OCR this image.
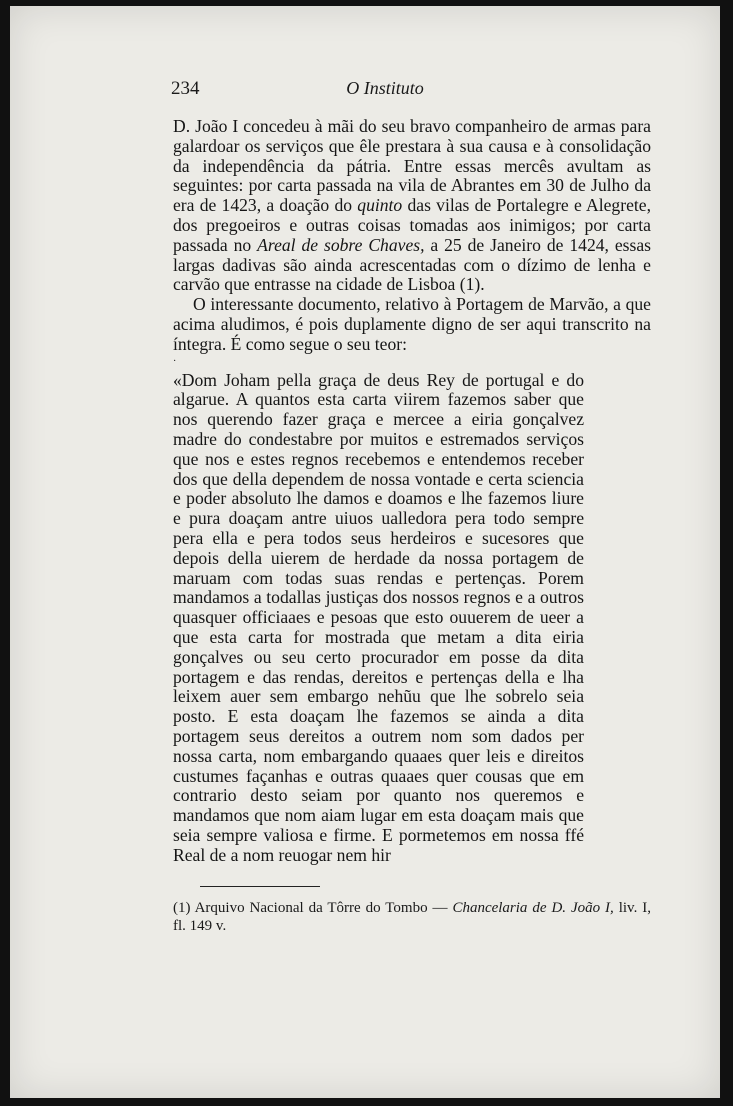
234	O Instituto

D. João I concedeu à mãi do seu bravo companheiro de armas para galardoar os serviços que êle prestara à sua causa e à consolidação da independência da pátria. Entre essas mercês avultam as seguintes: por carta passada na vila de Abrantes em 30 de Julho da era de 1423, a doação do quinto das vilas de Portalegre e Alegrete, dos pregoeiros e outras coisas tomadas aos inimigos; por carta passada no Areal de sobre Chaves, a 25 de Janeiro de 1424, essas largas dadivas são ainda acrescentadas com o dízimo de lenha e carvão que entrasse na cidade de Lisboa (1).

O interessante documento, relativo à Portagem de Marvão, a que acima aludimos, é pois duplamente digno de ser aqui transcrito na íntegra. É como segue o seu teor:

·

«Dom Joham pella graça de deus Rey de portugal e do algarue. A quantos esta carta viirem fazemos saber que nos querendo fazer graça e mercee a eiria gonçalvez madre do condestabre por muitos e estremados serviços que nos e estes regnos recebemos e entendemos receber dos que della dependem de nossa vontade e certa sciencia e poder absoluto lhe damos e doamos e lhe fazemos liure e pura doaçam antre uiuos ualledora pera todo sempre pera ella e pera todos seus herdeiros e sucesores que depois della uierem de herdade da nossa portagem de maruam com todas suas rendas e pertenças. Porem mandamos a todallas justiças dos nossos regnos e a outros quasquer officiaaes e pesoas que esto ouuerem de ueer a que esta carta for mostrada que metam a dita eiria gonçalves ou seu certo procurador em posse da dita portagem e das rendas, dereitos e pertenças della e lha leixem auer sem embargo nehũu que lhe sobrelo seia posto. E esta doaçam lhe fazemos se ainda a dita portagem seus dereitos a outrem nom som dados per nossa carta, nom embargando quaaes quer leis e direitos custumes façanhas e outras quaaes quer cousas que em contrario desto seiam por quanto nos queremos e mandamos que nom aiam lugar em esta doaçam mais que seia sempre valiosa e firme. E pormetemos em nossa ffé Real de a nom reuogar nem hir

(1) Arquivo Nacional da Tôrre do Tombo — Chancelaria de D. João I, liv. I, fl. 149 v.
